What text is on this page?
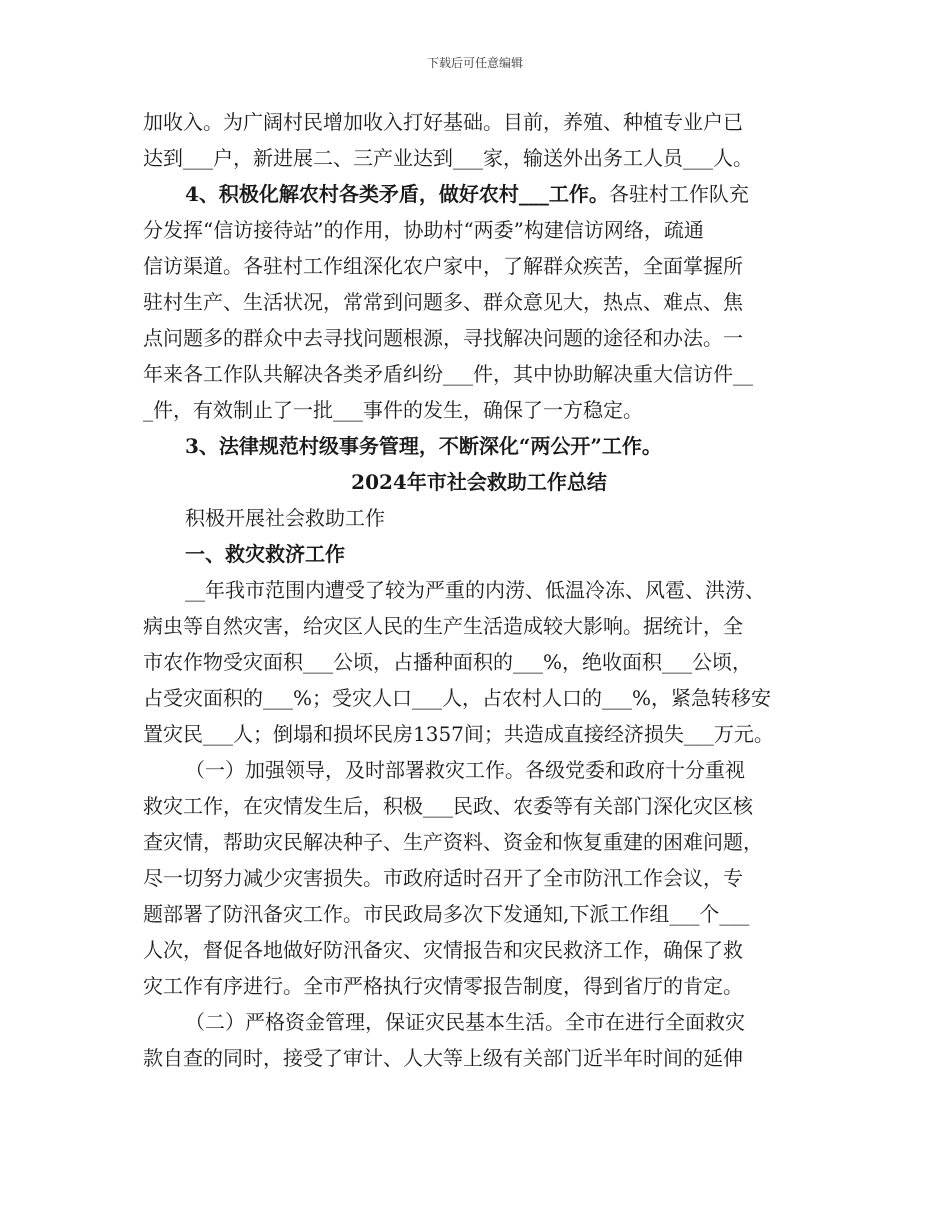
下载后可任意编辑
加收入。为广阔村民增加收入打好基础。目前，养殖、种植专业户已
达到___户，新进展二、三产业达到___家，输送外出务工人员___人。
4、积极化解农村各类矛盾，做好农村___工作。各驻村工作队充
分发挥“信访接待站”的作用，协助村“两委”构建信访网络，疏通
信访渠道。各驻村工作组深化农户家中，了解群众疾苦，全面掌握所
驻村生产、生活状况，常常到问题多、群众意见大，热点、难点、焦
点问题多的群众中去寻找问题根源，寻找解决问题的途径和办法。一
年来各工作队共解决各类矛盾纠纷___件，其中协助解决重大信访件__
_件，有效制止了一批___事件的发生，确保了一方稳定。
3、法律规范村级事务管理，不断深化“两公开”工作。
2024年市社会救助工作总结
积极开展社会救助工作
一、救灾救济工作
__年我市范围内遭受了较为严重的内涝、低温冷冻、风雹、洪涝、
病虫等自然灾害，给灾区人民的生产生活造成较大影响。据统计，全
市农作物受灾面积___公顷，占播种面积的___%，绝收面积___公顷，
占受灾面积的___%；受灾人口___人，占农村人口的___%，紧急转移安
置灾民___人；倒塌和损坏民房1357间；共造成直接经济损失___万元。
（一）加强领导，及时部署救灾工作。各级党委和政府十分重视
救灾工作，在灾情发生后，积极___民政、农委等有关部门深化灾区核
查灾情，帮助灾民解决种子、生产资料、资金和恢复重建的困难问题，
尽一切努力减少灾害损失。市政府适时召开了全市防汛工作会议，专
题部署了防汛备灾工作。市民政局多次下发通知,下派工作组___个___
人次，督促各地做好防汛备灾、灾情报告和灾民救济工作，确保了救
灾工作有序进行。全市严格执行灾情零报告制度，得到省厅的肯定。
（二）严格资金管理，保证灾民基本生活。全市在进行全面救灾
款自查的同时，接受了审计、人大等上级有关部门近半年时间的延伸
